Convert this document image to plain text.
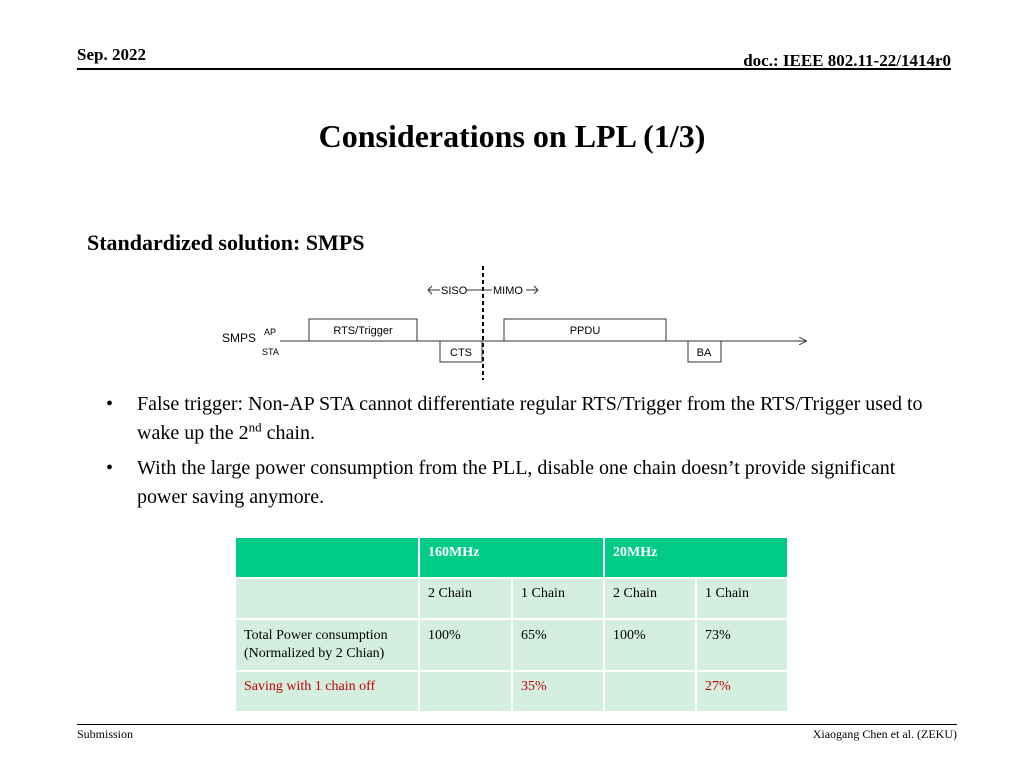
Sep. 2022	doc.: IEEE 802.11-22/1414r0
Considerations on LPL (1/3)
Standardized solution: SMPS
SISO MIMO
SMPS AP
STA
RTS/Trigger	PPDU
CTS	BA
• False trigger: Non-AP STA cannot differentiate regular RTS/Trigger from the RTS/Trigger used to wake up the 2nd chain.
• With the large power consumption from the PLL, disable one chain doesn’t provide significant power saving anymore.
	160MHz		20MHz	
	2 Chain	1 Chain	2 Chain	1 Chain
Total Power consumption
(Normalized by 2 Chian)	100%	65%	100%	73%
Saving with 1 chain off		35%		27%
Submission	Xiaogang Chen et al. (ZEKU)
